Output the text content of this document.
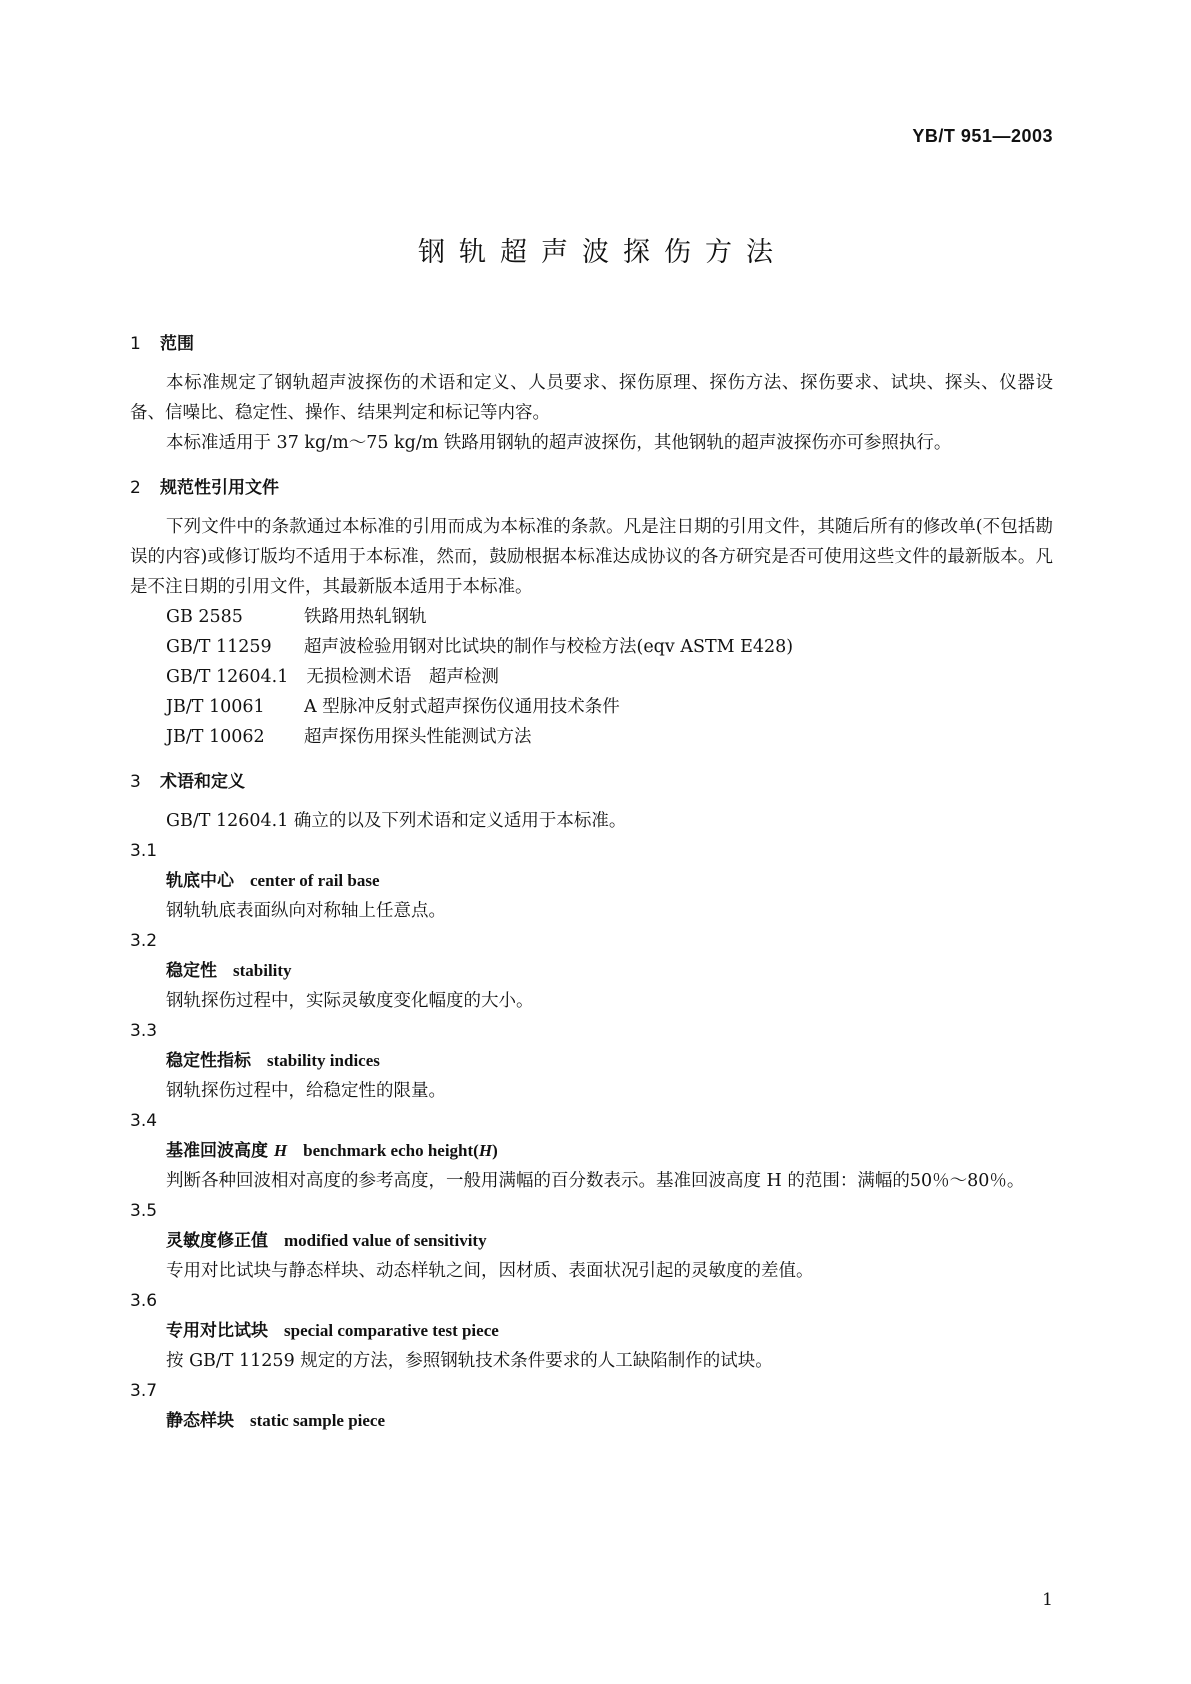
YB/T 951—2003
钢轨超声波探伤方法
1 范围
本标准规定了钢轨超声波探伤的术语和定义、人员要求、探伤原理、探伤方法、探伤要求、试块、探头、仪器设备、信噪比、稳定性、操作、结果判定和标记等内容。
本标准适用于 37 kg/m～75 kg/m 铁路用钢轨的超声波探伤，其他钢轨的超声波探伤亦可参照执行。
2 规范性引用文件
下列文件中的条款通过本标准的引用而成为本标准的条款。凡是注日期的引用文件，其随后所有的修改单(不包括勘误的内容)或修订版均不适用于本标准，然而，鼓励根据本标准达成协议的各方研究是否可使用这些文件的最新版本。凡是不注日期的引用文件，其最新版本适用于本标准。
GB 2585	铁路用热轧钢轨
GB/T 11259 超声波检验用钢对比试块的制作与校检方法(eqv ASTM E428)
GB/T 12604.1 无损检测术语　超声检测
JB/T 10061 A 型脉冲反射式超声探伤仪通用技术条件
JB/T 10062 超声探伤用探头性能测试方法
3 术语和定义
GB/T 12604.1 确立的以及下列术语和定义适用于本标准。
3.1
轨底中心 center of rail base
钢轨轨底表面纵向对称轴上任意点。
3.2
稳定性 stability
钢轨探伤过程中，实际灵敏度变化幅度的大小。
3.3
稳定性指标 stability indices
钢轨探伤过程中，给稳定性的限量。
3.4
基准回波高度 H benchmark echo height(H)
判断各种回波相对高度的参考高度，一般用满幅的百分数表示。基准回波高度 H 的范围：满幅的50％～80％。
3.5
灵敏度修正值 modified value of sensitivity
专用对比试块与静态样块、动态样轨之间，因材质、表面状况引起的灵敏度的差值。
3.6
专用对比试块 special comparative test piece
按 GB/T 11259 规定的方法，参照钢轨技术条件要求的人工缺陷制作的试块。
3.7
静态样块 static sample piece
1
